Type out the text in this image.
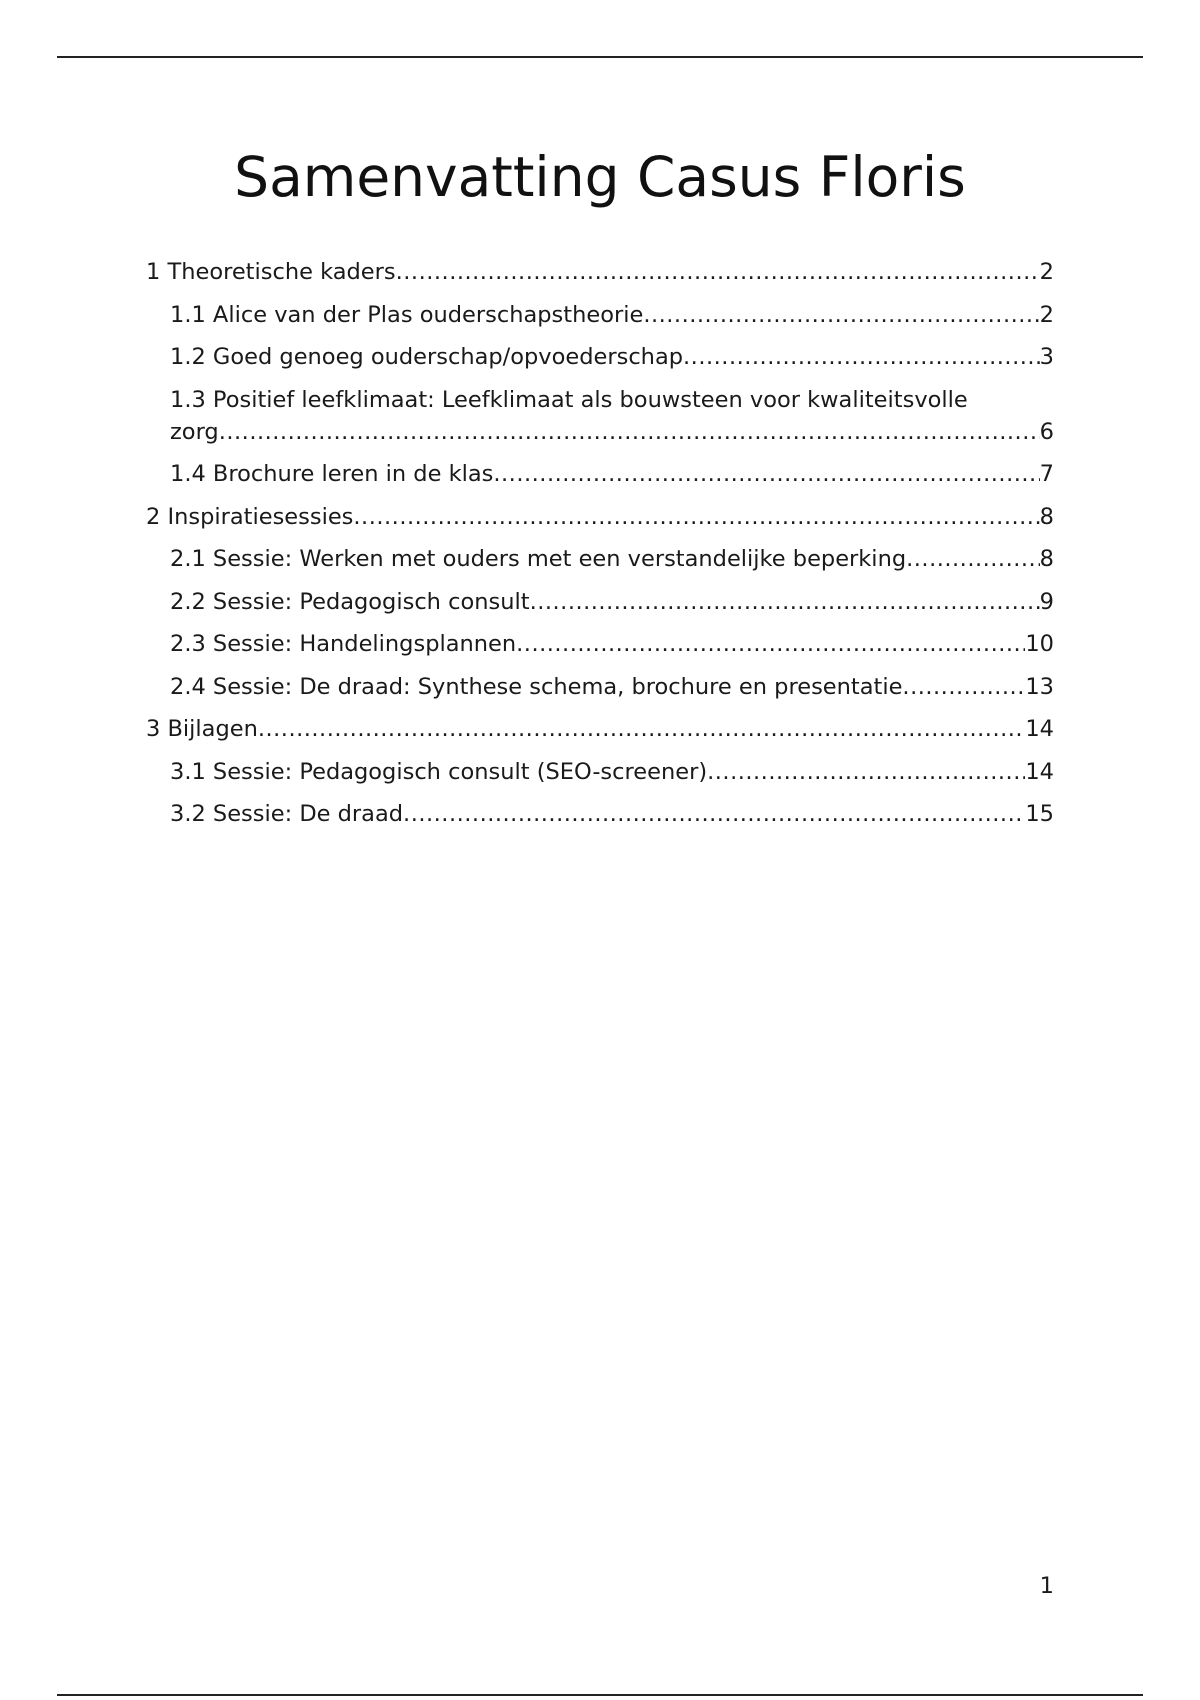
Samenvatting Casus Floris
1 Theoretische kaders .....	2
1.1 Alice van der Plas ouderschapstheorie .....	2
1.2 Goed genoeg ouderschap/opvoederschap .....	3
1.3 Positief leefklimaat: Leefklimaat als bouwsteen voor kwaliteitsvolle
zorg .....	6
1.4 Brochure leren in de klas .....	7
2 Inspiratiesessies .....	8
2.1 Sessie: Werken met ouders met een verstandelijke beperking .....	8
2.2 Sessie: Pedagogisch consult .....	9
2.3 Sessie: Handelingsplannen .....	10
2.4 Sessie: De draad: Synthese schema, brochure en presentatie .....	13
3 Bijlagen .....	14
3.1 Sessie: Pedagogisch consult (SEO-screener) .....	14
3.2 Sessie: De draad .....	15
1
